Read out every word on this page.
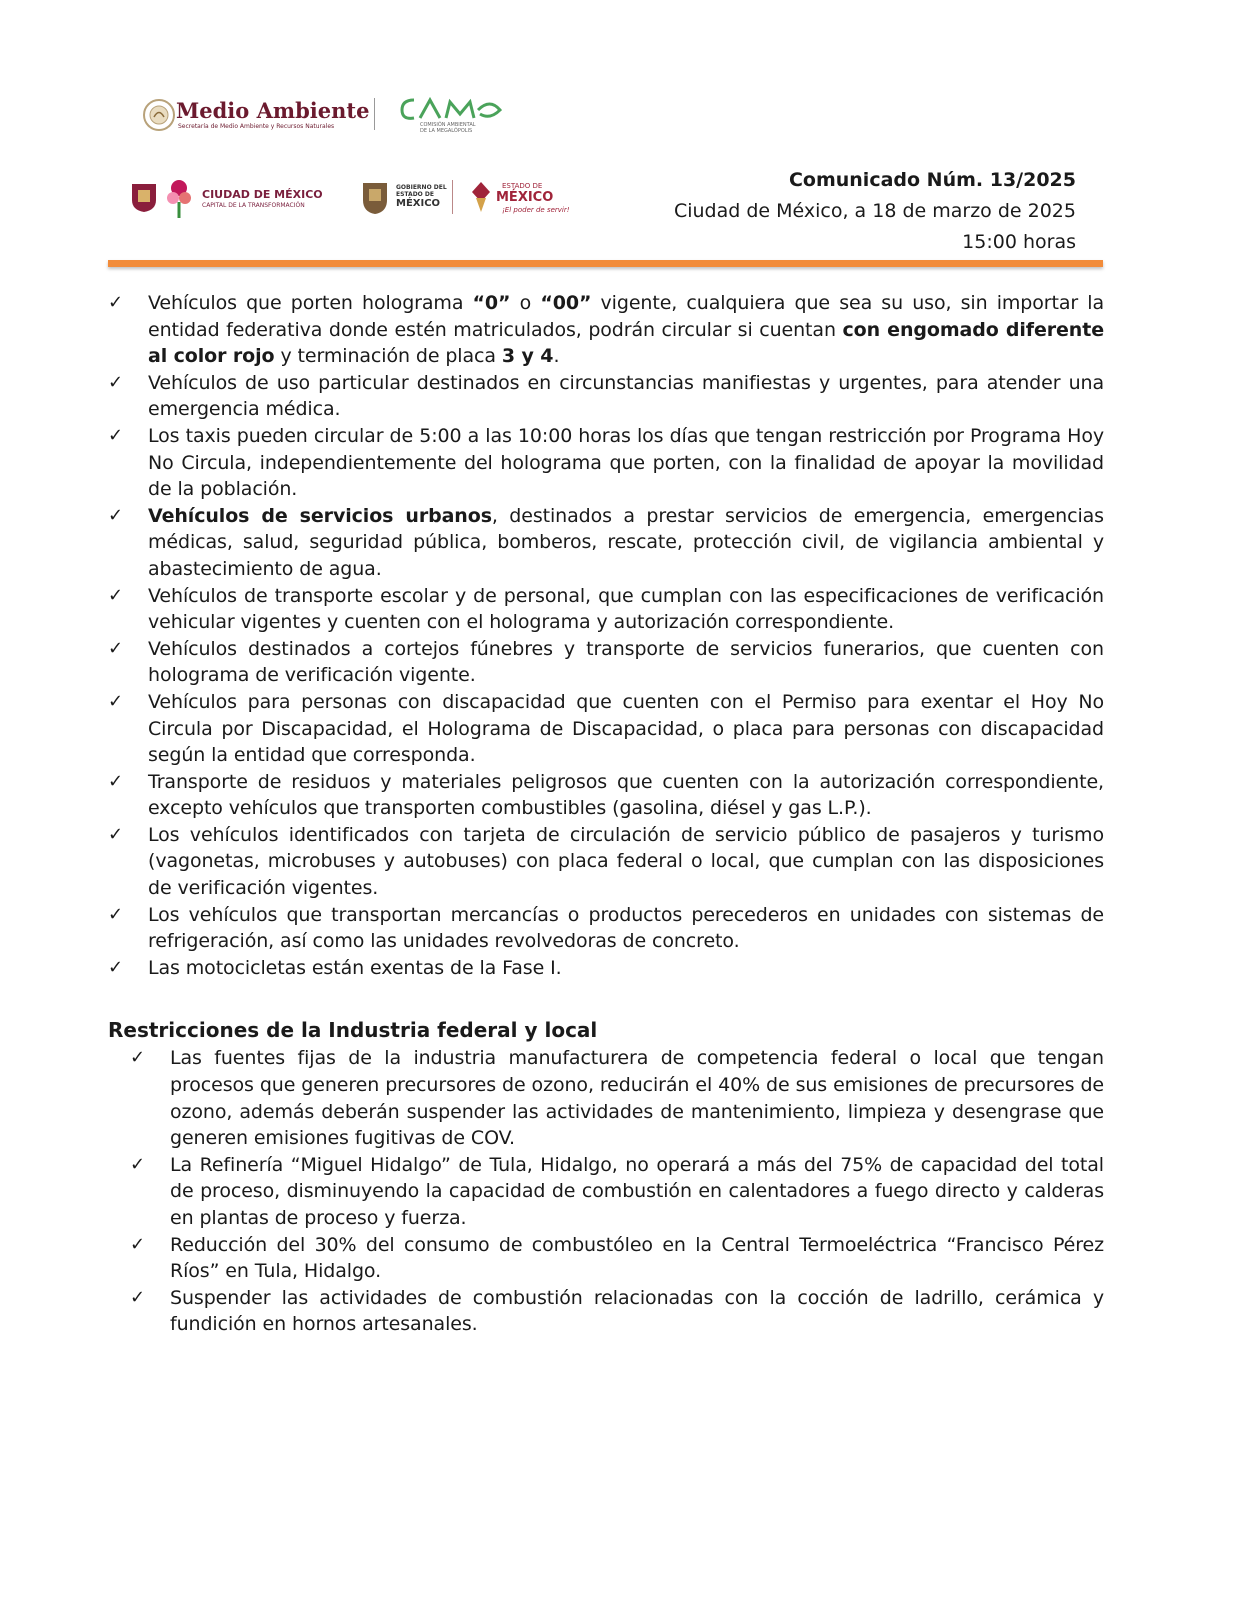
Medio Ambiente
Secretaría de Medio Ambiente y Recursos Naturales	COMISIÓN AMBIENTAL
DE LA MEGALÓPOLIS
CIUDAD DE MÉXICO
CAPITAL DE LA TRANSFORMACIÓN
GOBIERNO DEL
ESTADO DE
MÉXICO
ESTADO DE
MÉXICO
¡El poder de servir!
Comunicado Núm. 13/2025
Ciudad de México, a 18 de marzo de 2025
15:00 horas
✓ Vehículos que porten holograma “0” o “00” vigente, cualquiera que sea su uso, sin importar la entidad federativa donde estén matriculados, podrán circular si cuentan con engomado diferente al color rojo y terminación de placa 3 y 4.
✓ Vehículos de uso particular destinados en circunstancias manifiestas y urgentes, para atender una emergencia médica.
✓ Los taxis pueden circular de 5:00 a las 10:00 horas los días que tengan restricción por Programa Hoy No Circula, independientemente del holograma que porten, con la finalidad de apoyar la movilidad de la población.
✓ Vehículos de servicios urbanos, destinados a prestar servicios de emergencia, emergencias médicas, salud, seguridad pública, bomberos, rescate, protección civil, de vigilancia ambiental y abastecimiento de agua.
✓ Vehículos de transporte escolar y de personal, que cumplan con las especificaciones de verificación vehicular vigentes y cuenten con el holograma y autorización correspondiente.
✓ Vehículos destinados a cortejos fúnebres y transporte de servicios funerarios, que cuenten con holograma de verificación vigente.
✓ Vehículos para personas con discapacidad que cuenten con el Permiso para exentar el Hoy No Circula por Discapacidad, el Holograma de Discapacidad, o placa para personas con discapacidad según la entidad que corresponda.
✓ Transporte de residuos y materiales peligrosos que cuenten con la autorización correspondiente, excepto vehículos que transporten combustibles (gasolina, diésel y gas L.P.).
✓ Los vehículos identificados con tarjeta de circulación de servicio público de pasajeros y turismo (vagonetas, microbuses y autobuses) con placa federal o local, que cumplan con las disposiciones de verificación vigentes.
✓ Los vehículos que transportan mercancías o productos perecederos en unidades con sistemas de refrigeración, así como las unidades revolvedoras de concreto.
✓ Las motocicletas están exentas de la Fase I.
Restricciones de la Industria federal y local
✓ Las fuentes fijas de la industria manufacturera de competencia federal o local que tengan procesos que generen precursores de ozono, reducirán el 40% de sus emisiones de precursores de ozono, además deberán suspender las actividades de mantenimiento, limpieza y desengrase que generen emisiones fugitivas de COV.
✓ La Refinería “Miguel Hidalgo” de Tula, Hidalgo, no operará a más del 75% de capacidad del total de proceso, disminuyendo la capacidad de combustión en calentadores a fuego directo y calderas en plantas de proceso y fuerza.
✓ Reducción del 30% del consumo de combustóleo en la Central Termoeléctrica “Francisco Pérez Ríos” en Tula, Hidalgo.
✓ Suspender las actividades de combustión relacionadas con la cocción de ladrillo, cerámica y fundición en hornos artesanales.
